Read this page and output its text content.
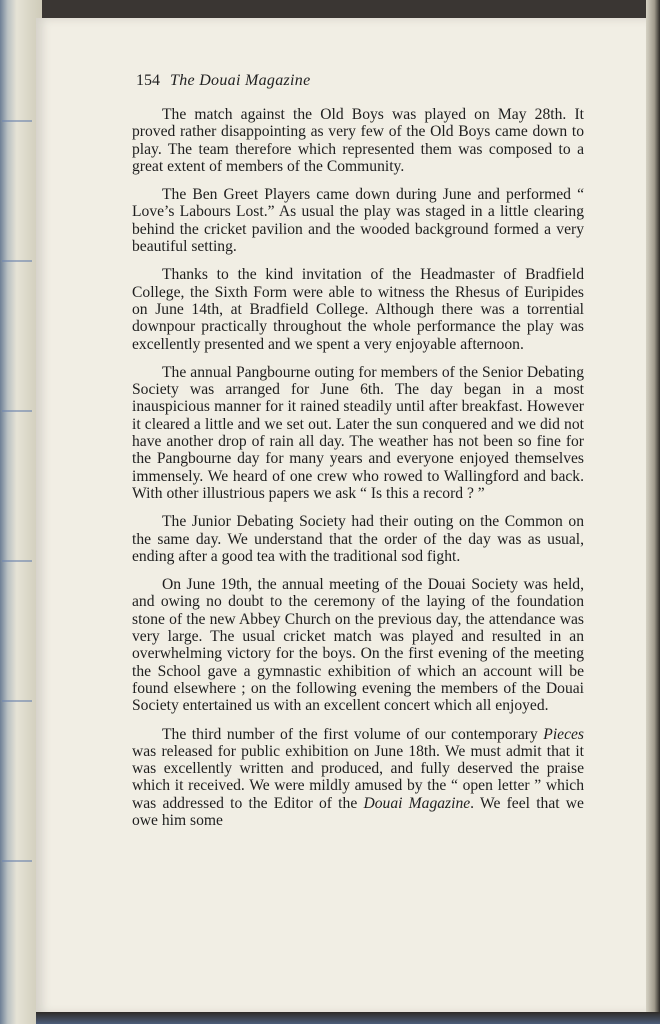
154 The Douai Magazine

The match against the Old Boys was played on May 28th. It proved rather disappointing as very few of the Old Boys came down to play. The team therefore which represented them was composed to a great extent of members of the Community.

The Ben Greet Players came down during June and performed “ Love’s Labours Lost.” As usual the play was staged in a little clearing behind the cricket pavilion and the wooded background formed a very beautiful setting.

Thanks to the kind invitation of the Headmaster of Bradfield College, the Sixth Form were able to witness the Rhesus of Euripides on June 14th, at Bradfield College. Although there was a torrential downpour practically throughout the whole performance the play was excellently presented and we spent a very enjoyable afternoon.

The annual Pangbourne outing for members of the Senior Debating Society was arranged for June 6th. The day began in a most inauspicious manner for it rained steadily until after breakfast. However it cleared a little and we set out. Later the sun conquered and we did not have another drop of rain all day. The weather has not been so fine for the Pangbourne day for many years and everyone enjoyed themselves immensely. We heard of one crew who rowed to Wallingford and back. With other illustrious papers we ask “ Is this a record ? ”

The Junior Debating Society had their outing on the Common on the same day. We understand that the order of the day was as usual, ending after a good tea with the traditional sod fight.

On June 19th, the annual meeting of the Douai Society was held, and owing no doubt to the ceremony of the laying of the foundation stone of the new Abbey Church on the previous day, the attendance was very large. The usual cricket match was played and resulted in an overwhelming victory for the boys. On the first evening of the meeting the School gave a gymnastic exhibition of which an account will be found elsewhere ; on the following evening the members of the Douai Society entertained us with an excellent concert which all enjoyed.

The third number of the first volume of our contemporary Pieces was released for public exhibition on June 18th. We must admit that it was excellently written and produced, and fully deserved the praise which it received. We were mildly amused by the “ open letter ” which was addressed to the Editor of the Douai Magazine. We feel that we owe him some
